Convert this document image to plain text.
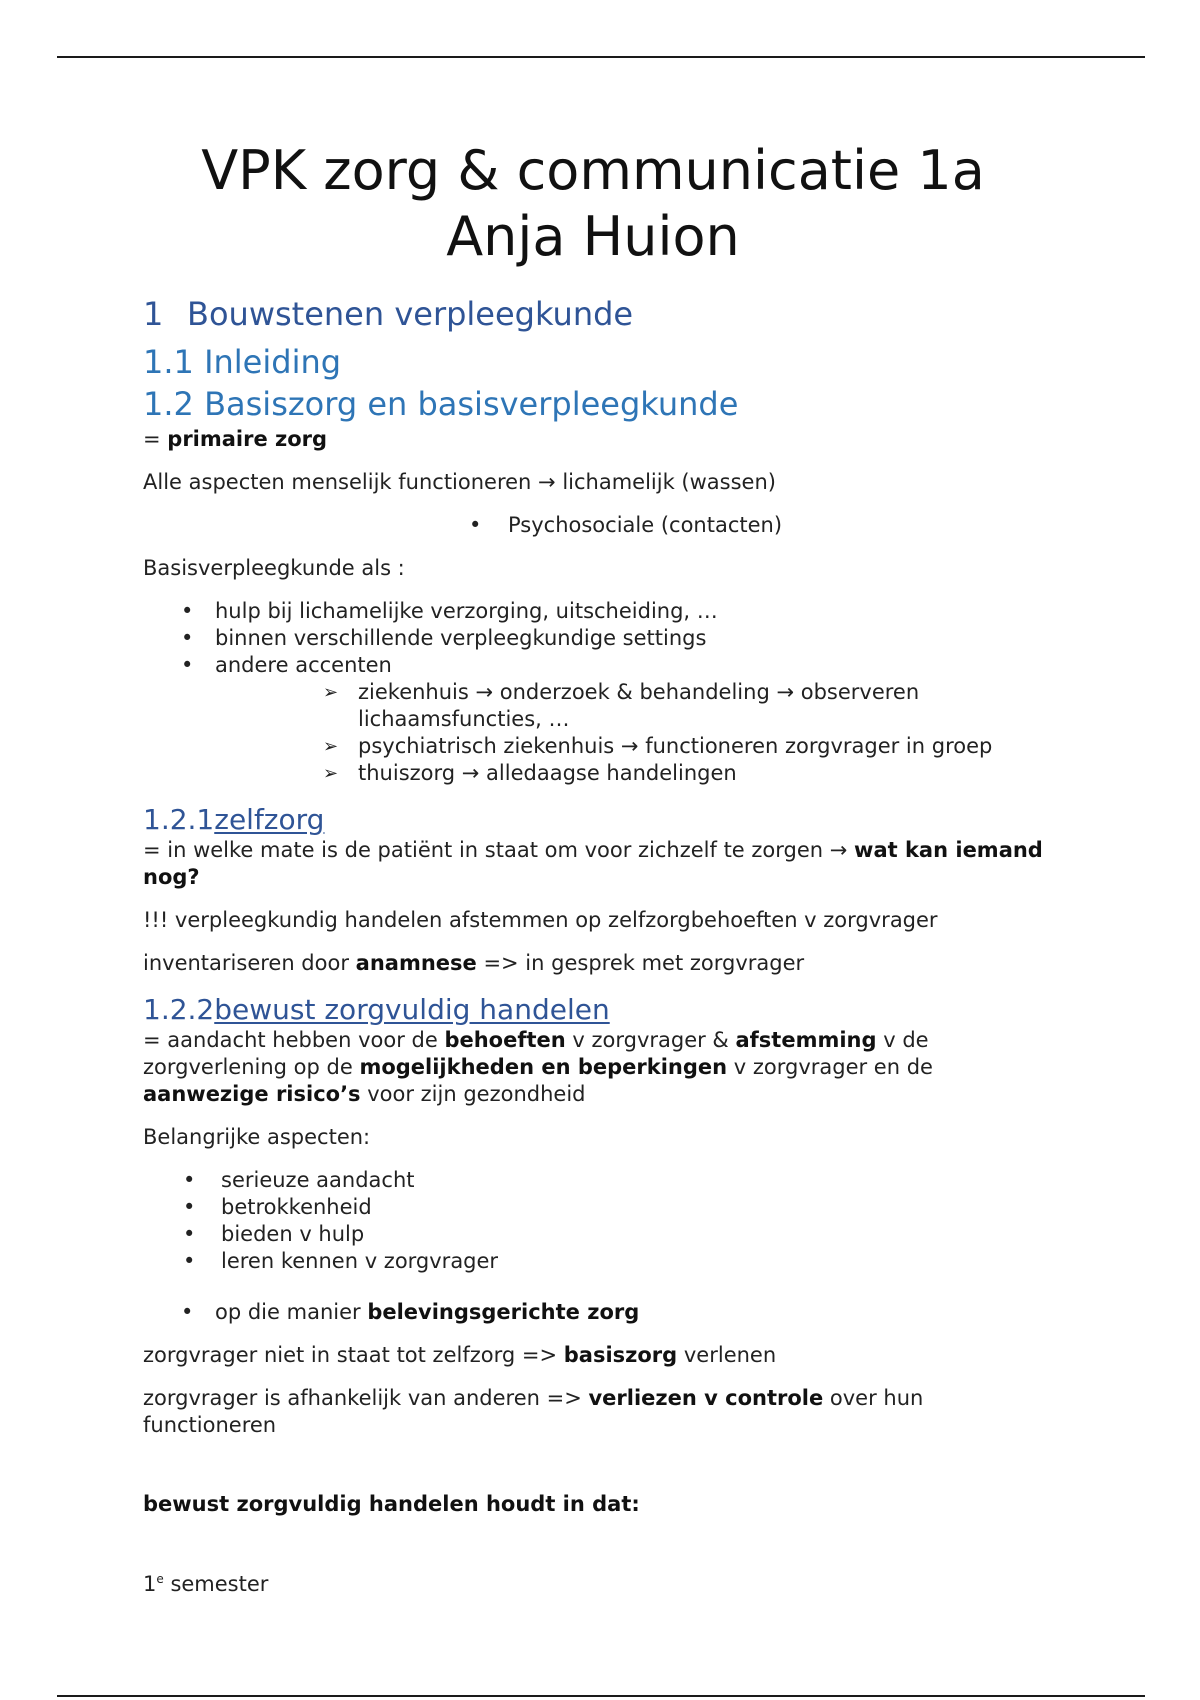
VPK zorg & communicatie 1a
Anja Huion
1 Bouwstenen verpleegkunde
1.1 Inleiding
1.2 Basiszorg en basisverpleegkunde

= primaire zorg

Alle aspecten menselijk functioneren → lichamelijk (wassen)

• Psychosociale (contacten)

Basisverpleegkunde als :

• hulp bij lichamelijke verzorging, uitscheiding, …
• binnen verschillende verpleegkundige settings
• andere accenten
➢ ziekenhuis → onderzoek & behandeling → observeren lichaamsfuncties, …
➢ psychiatrisch ziekenhuis → functioneren zorgvrager in groep
➢ thuiszorg → alledaagse handelingen
1.2.1zelfzorg

= in welke mate is de patiënt in staat om voor zichzelf te zorgen → wat kan iemand nog?

!!! verpleegkundig handelen afstemmen op zelfzorgbehoeften v zorgvrager

inventariseren door anamnese => in gesprek met zorgvrager

1.2.2bewust zorgvuldig handelen

= aandacht hebben voor de behoeften v zorgvrager & afstemming v de zorgverlening op de mogelijkheden en beperkingen v zorgvrager en de aanwezige risico’s voor zijn gezondheid

Belangrijke aspecten:

• serieuze aandacht
• betrokkenheid
• bieden v hulp
• leren kennen v zorgvrager
• op die manier belevingsgerichte zorg

zorgvrager niet in staat tot zelfzorg => basiszorg verlenen

zorgvrager is afhankelijk van anderen => verliezen v controle over hun functioneren

bewust zorgvuldig handelen houdt in dat:

1e semester
